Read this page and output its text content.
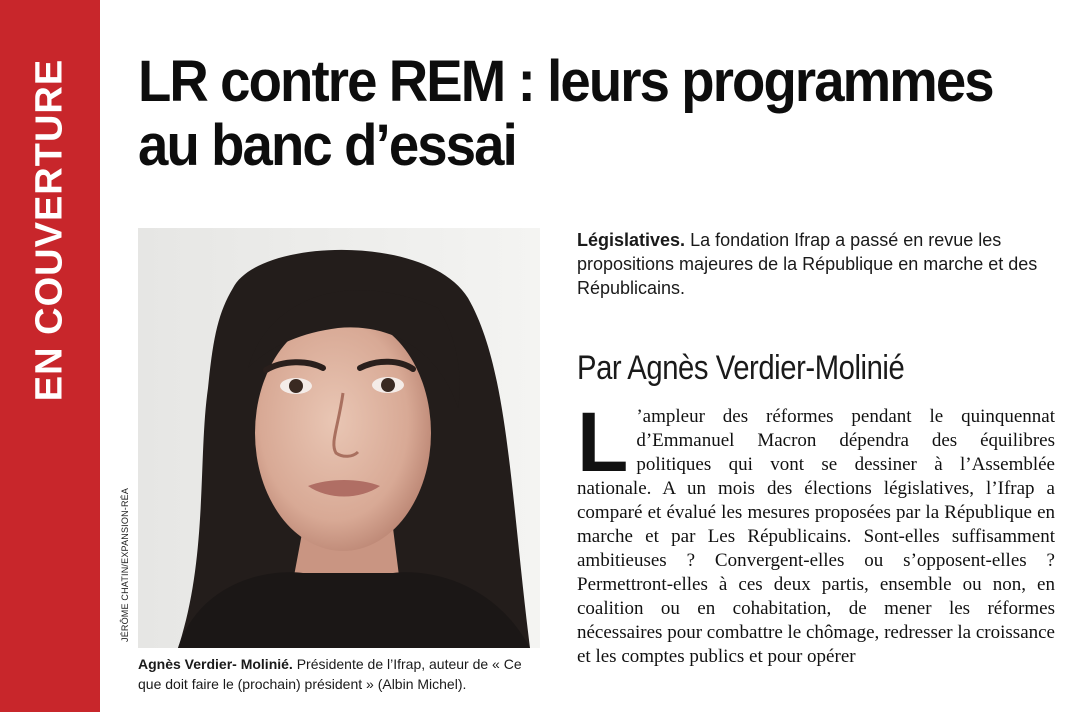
EN COUVERTURE LR contre REM : leurs programmes au banc d’essai
JÉRÔME CHATIN/EXPANSION-RÉA
Agnès Verdier- Molinié. Présidente de l’Ifrap, auteur de « Ce que doit faire le (prochain) président » (Albin Michel).

Législatives. La fondation Ifrap a passé en revue les propositions majeures de la République en marche et des Républicains.

Par Agnès Verdier-Molinié

L ’ampleur des réformes pendant le quinquennat d’Emmanuel Macron dépendra des équilibres politiques qui vont se dessiner à l’Assemblée nationale. A un mois des élections législatives, l’Ifrap a comparé et évalué les mesures proposées par la République en marche et par Les Républicains. Sont-elles suffisamment ambitieuses ? Convergent-elles ou s’opposent-elles ? Permettront-elles à ces deux partis, ensemble ou non, en coalition ou en cohabitation, de mener les réformes nécessaires pour combattre le chômage, redresser la croissance et les comptes publics et pour opérer
